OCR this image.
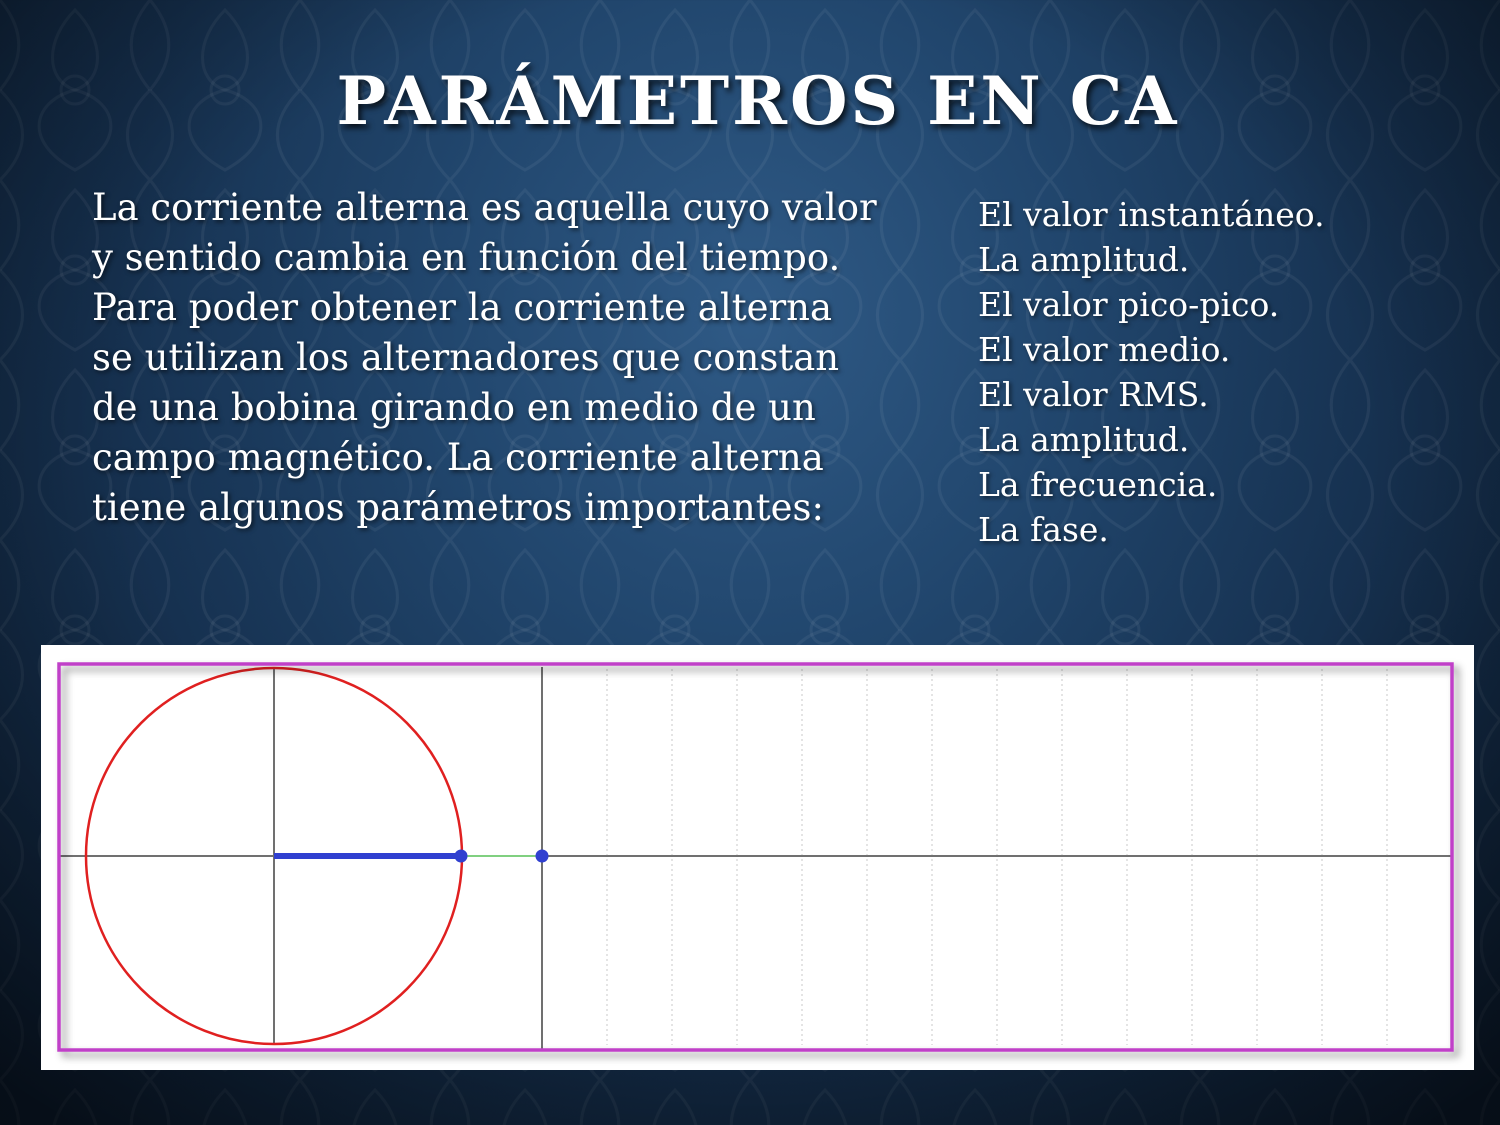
PARÁMETROS EN CA
La corriente alterna es aquella cuyo valor y sentido cambia en función del tiempo. Para poder obtener la corriente alterna se utilizan los alternadores que constan de una bobina girando en medio de un campo magnético. La corriente alterna tiene algunos parámetros importantes:
El valor instantáneo.
La amplitud.
El valor pico-pico.
El valor medio.
El valor RMS.
La amplitud.
La frecuencia.
La fase.
